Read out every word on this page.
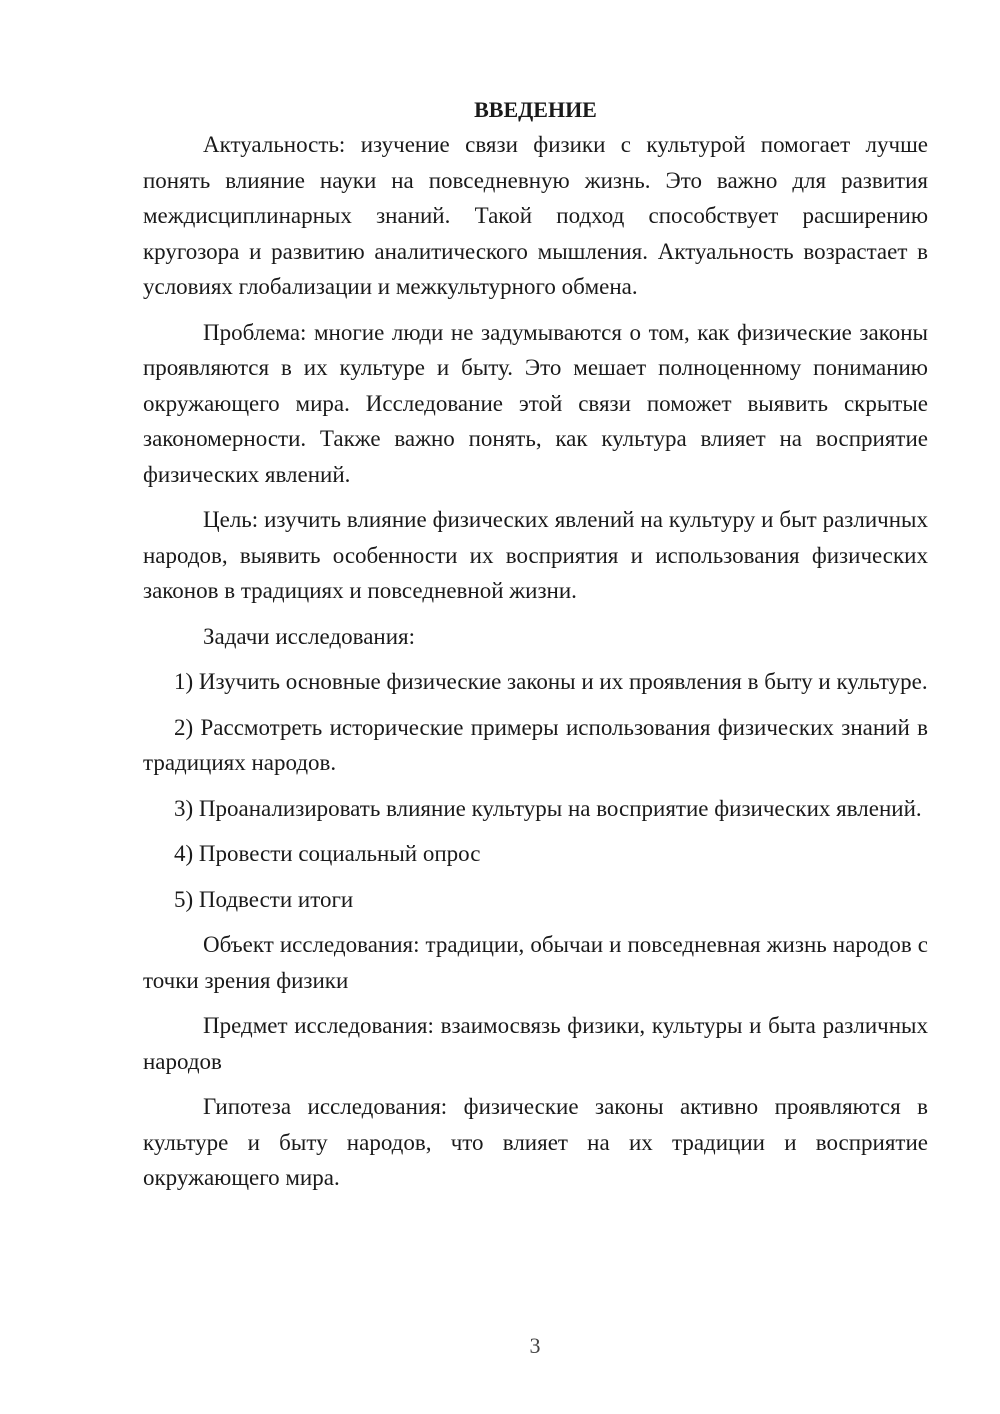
ВВЕДЕНИЕ

Актуальность: изучение связи физики с культурой помогает лучше понять влияние науки на повседневную жизнь. Это важно для развития междисциплинарных знаний. Такой подход способствует расширению кругозора и развитию аналитического мышления. Актуальность возрастает в условиях глобализации и межкультурного обмена.

Проблема: многие люди не задумываются о том, как физические законы проявляются в их культуре и быту. Это мешает полноценному пониманию окружающего мира. Исследование этой связи поможет выявить скрытые закономерности. Также важно понять, как культура влияет на восприятие физических явлений.

Цель: изучить влияние физических явлений на культуру и быт различных народов, выявить особенности их восприятия и использования физических законов в традициях и повседневной жизни.

Задачи исследования:

1) Изучить основные физические законы и их проявления в быту и культуре.

2) Рассмотреть исторические примеры использования физических знаний в традициях народов.

3) Проанализировать влияние культуры на восприятие физических явлений.

4) Провести социальный опрос

5) Подвести итоги

Объект исследования: традиции, обычаи и повседневная жизнь народов с точки зрения физики

Предмет исследования: взаимосвязь физики, культуры и быта различных народов

Гипотеза исследования: физические законы активно проявляются в культуре и быту народов, что влияет на их традиции и восприятие окружающего мира.

3
